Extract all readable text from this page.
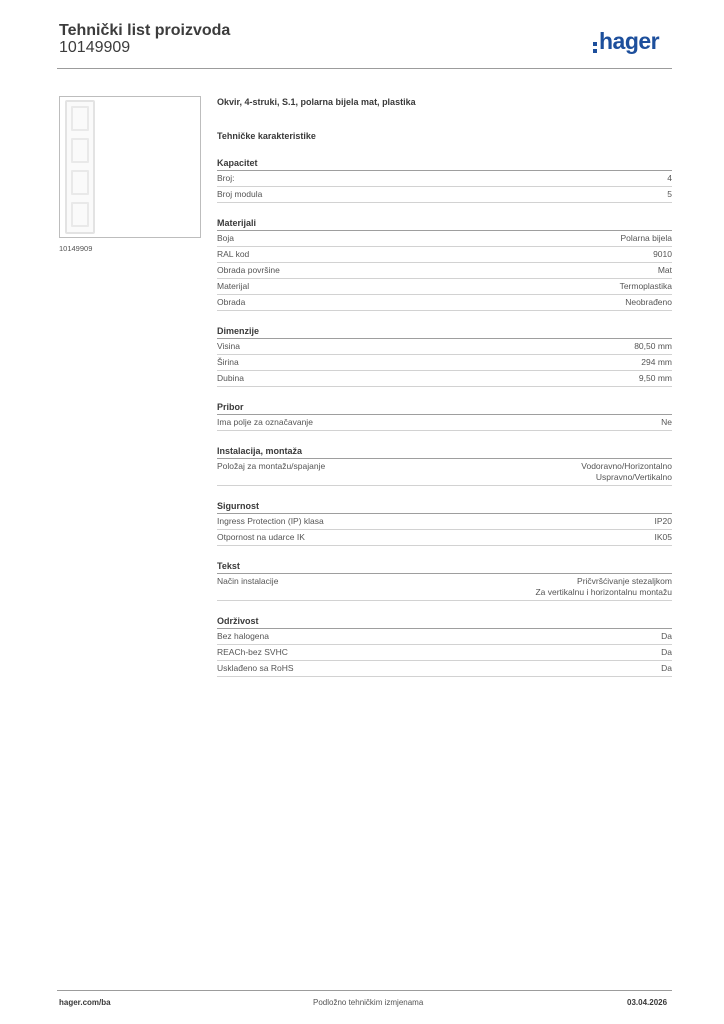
Tehnički list proizvoda
10149909	hager
10149909
Okvir, 4-struki, S.1, polarna bijela mat, plastika
Tehničke karakteristike
Kapacitet
Broj:	4
Broj modula	5
Materijali
Boja	Polarna bijela
RAL kod	9010
Obrada površine	Mat
Materijal	Termoplastika
Obrada	Neobrađeno
Dimenzije
Visina	80,50 mm
Širina	294 mm
Dubina	9,50 mm
Pribor
Ima polje za označavanje	Ne
Instalacija, montaža
Položaj za montažu/spajanje	Vodoravno/Horizontalno
Uspravno/Vertikalno
Sigurnost
Ingress Protection (IP) klasa	IP20
Otpornost na udarce IK	IK05
Tekst
Način instalacije	Pričvršćivanje stezaljkom
Za vertikalnu i horizontalnu montažu
Održivost
Bez halogena	Da
REACh-bez SVHC	Da
Usklađeno sa RoHS	Da
hager.com/ba	Podložno tehničkim izmjenama	03.04.2026
